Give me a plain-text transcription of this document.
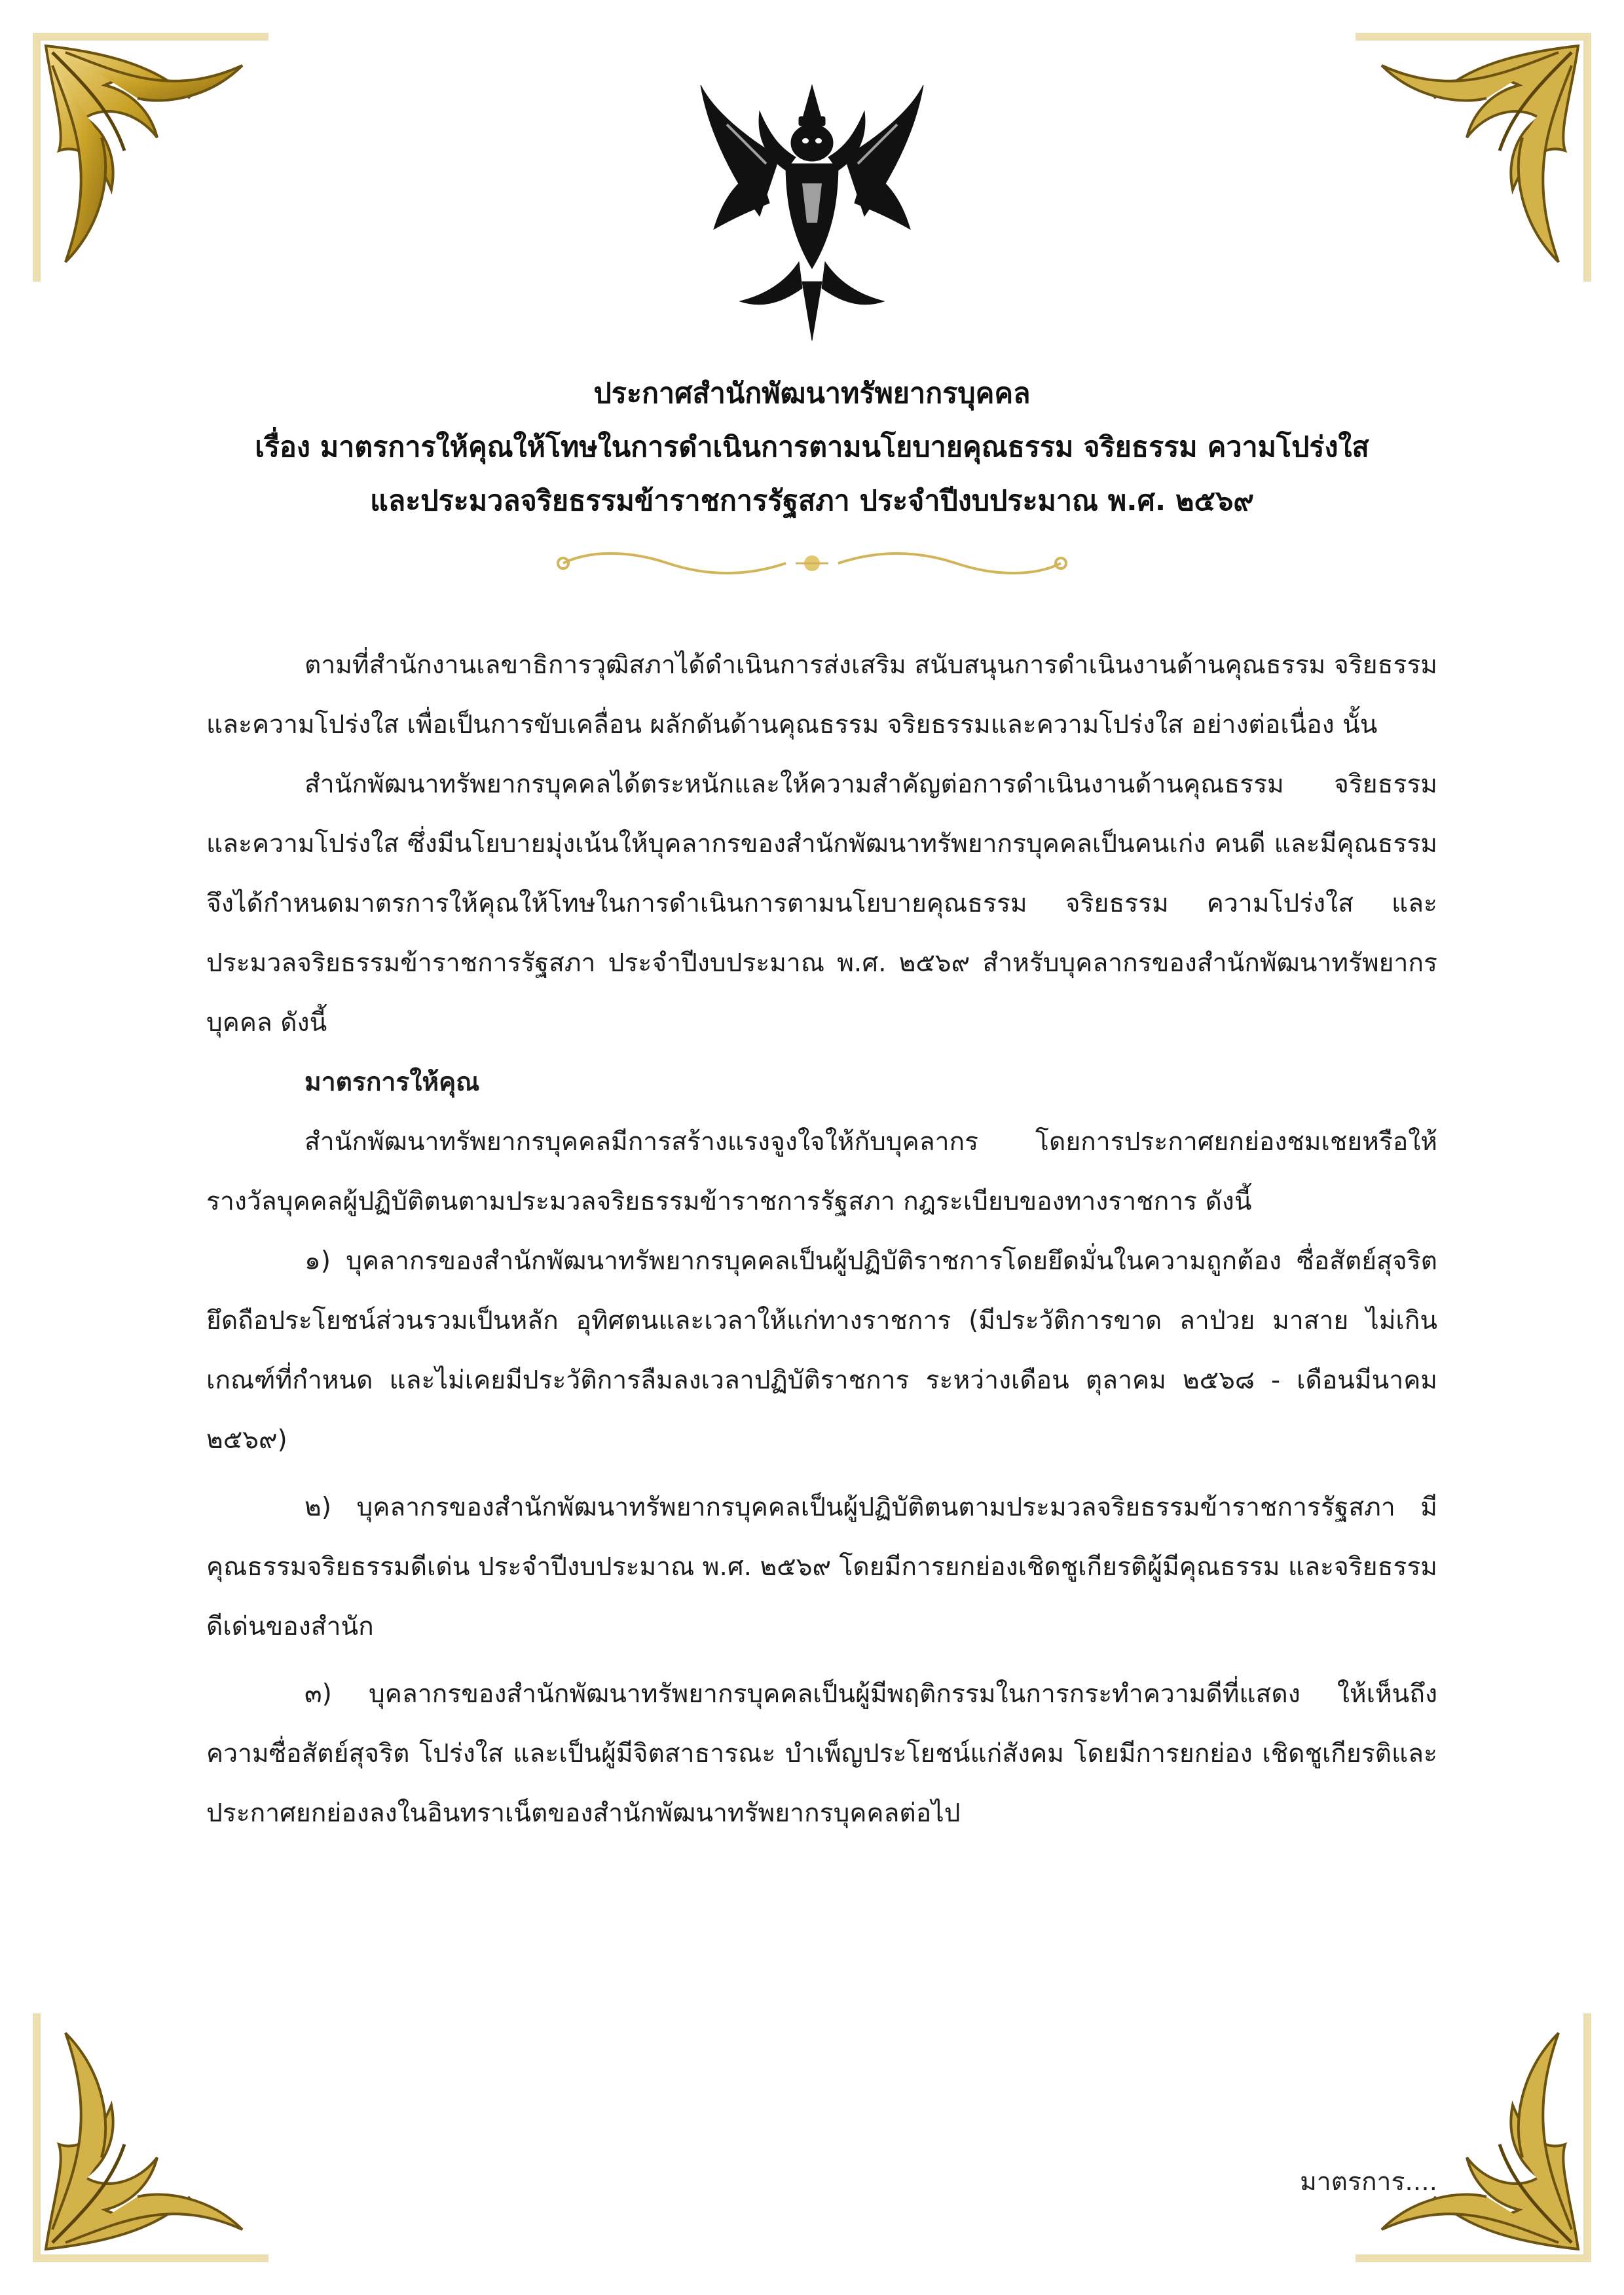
ประกาศสำนักพัฒนาทรัพยากรบุคคล
เรื่อง มาตรการให้คุณให้โทษในการดำเนินการตามนโยบายคุณธรรม จริยธรรม ความโปร่งใส
และประมวลจริยธรรมข้าราชการรัฐสภา ประจำปีงบประมาณ พ.ศ. ๒๕๖๙

ตามที่สำนักงานเลขาธิการวุฒิสภาได้ดำเนินการส่งเสริม สนับสนุนการดำเนินงานด้านคุณธรรม จริยธรรม และความโปร่งใส เพื่อเป็นการขับเคลื่อน ผลักดันด้านคุณธรรม จริยธรรมและความโปร่งใส อย่างต่อเนื่อง นั้น

สำนักพัฒนาทรัพยากรบุคคลได้ตระหนักและให้ความสำคัญต่อการดำเนินงานด้านคุณธรรม จริยธรรมและความโปร่งใส ซึ่งมีนโยบายมุ่งเน้นให้บุคลากรของสำนักพัฒนาทรัพยากรบุคคลเป็นคนเก่ง คนดี และมีคุณธรรม จึงได้กำหนดมาตรการให้คุณให้โทษในการดำเนินการตามนโยบายคุณธรรม จริยธรรม ความโปร่งใส และประมวลจริยธรรมข้าราชการรัฐสภา ประจำปีงบประมาณ พ.ศ. ๒๕๖๙ สำหรับบุคลากรของสำนักพัฒนาทรัพยากรบุคคล ดังนี้

มาตรการให้คุณ

สำนักพัฒนาทรัพยากรบุคคลมีการสร้างแรงจูงใจให้กับบุคลากร โดยการประกาศยกย่องชมเชยหรือให้รางวัลบุคคลผู้ปฏิบัติตนตามประมวลจริยธรรมข้าราชการรัฐสภา กฎระเบียบของทางราชการ ดังนี้

๑) บุคลากรของสำนักพัฒนาทรัพยากรบุคคลเป็นผู้ปฏิบัติราชการโดยยึดมั่นในความถูกต้อง ซื่อสัตย์สุจริต ยึดถือประโยชน์ส่วนรวมเป็นหลัก อุทิศตนและเวลาให้แก่ทางราชการ (มีประวัติการขาด ลาป่วย มาสาย ไม่เกินเกณฑ์ที่กำหนด และไม่เคยมีประวัติการลืมลงเวลาปฏิบัติราชการ ระหว่างเดือน ตุลาคม ๒๕๖๘ - เดือนมีนาคม ๒๕๖๙)

๒) บุคลากรของสำนักพัฒนาทรัพยากรบุคคลเป็นผู้ปฏิบัติตนตามประมวลจริยธรรมข้าราชการรัฐสภา มีคุณธรรมจริยธรรมดีเด่น ประจำปีงบประมาณ พ.ศ. ๒๕๖๙ โดยมีการยกย่องเชิดชูเกียรติผู้มีคุณธรรม และจริยธรรมดีเด่นของสำนัก

๓) บุคลากรของสำนักพัฒนาทรัพยากรบุคคลเป็นผู้มีพฤติกรรมในการกระทำความดีที่แสดง ให้เห็นถึงความซื่อสัตย์สุจริต โปร่งใส และเป็นผู้มีจิตสาธารณะ บำเพ็ญประโยชน์แก่สังคม โดยมีการยกย่อง เชิดชูเกียรติและประกาศยกย่องลงในอินทราเน็ตของสำนักพัฒนาทรัพยากรบุคคลต่อไป

มาตรการ....
